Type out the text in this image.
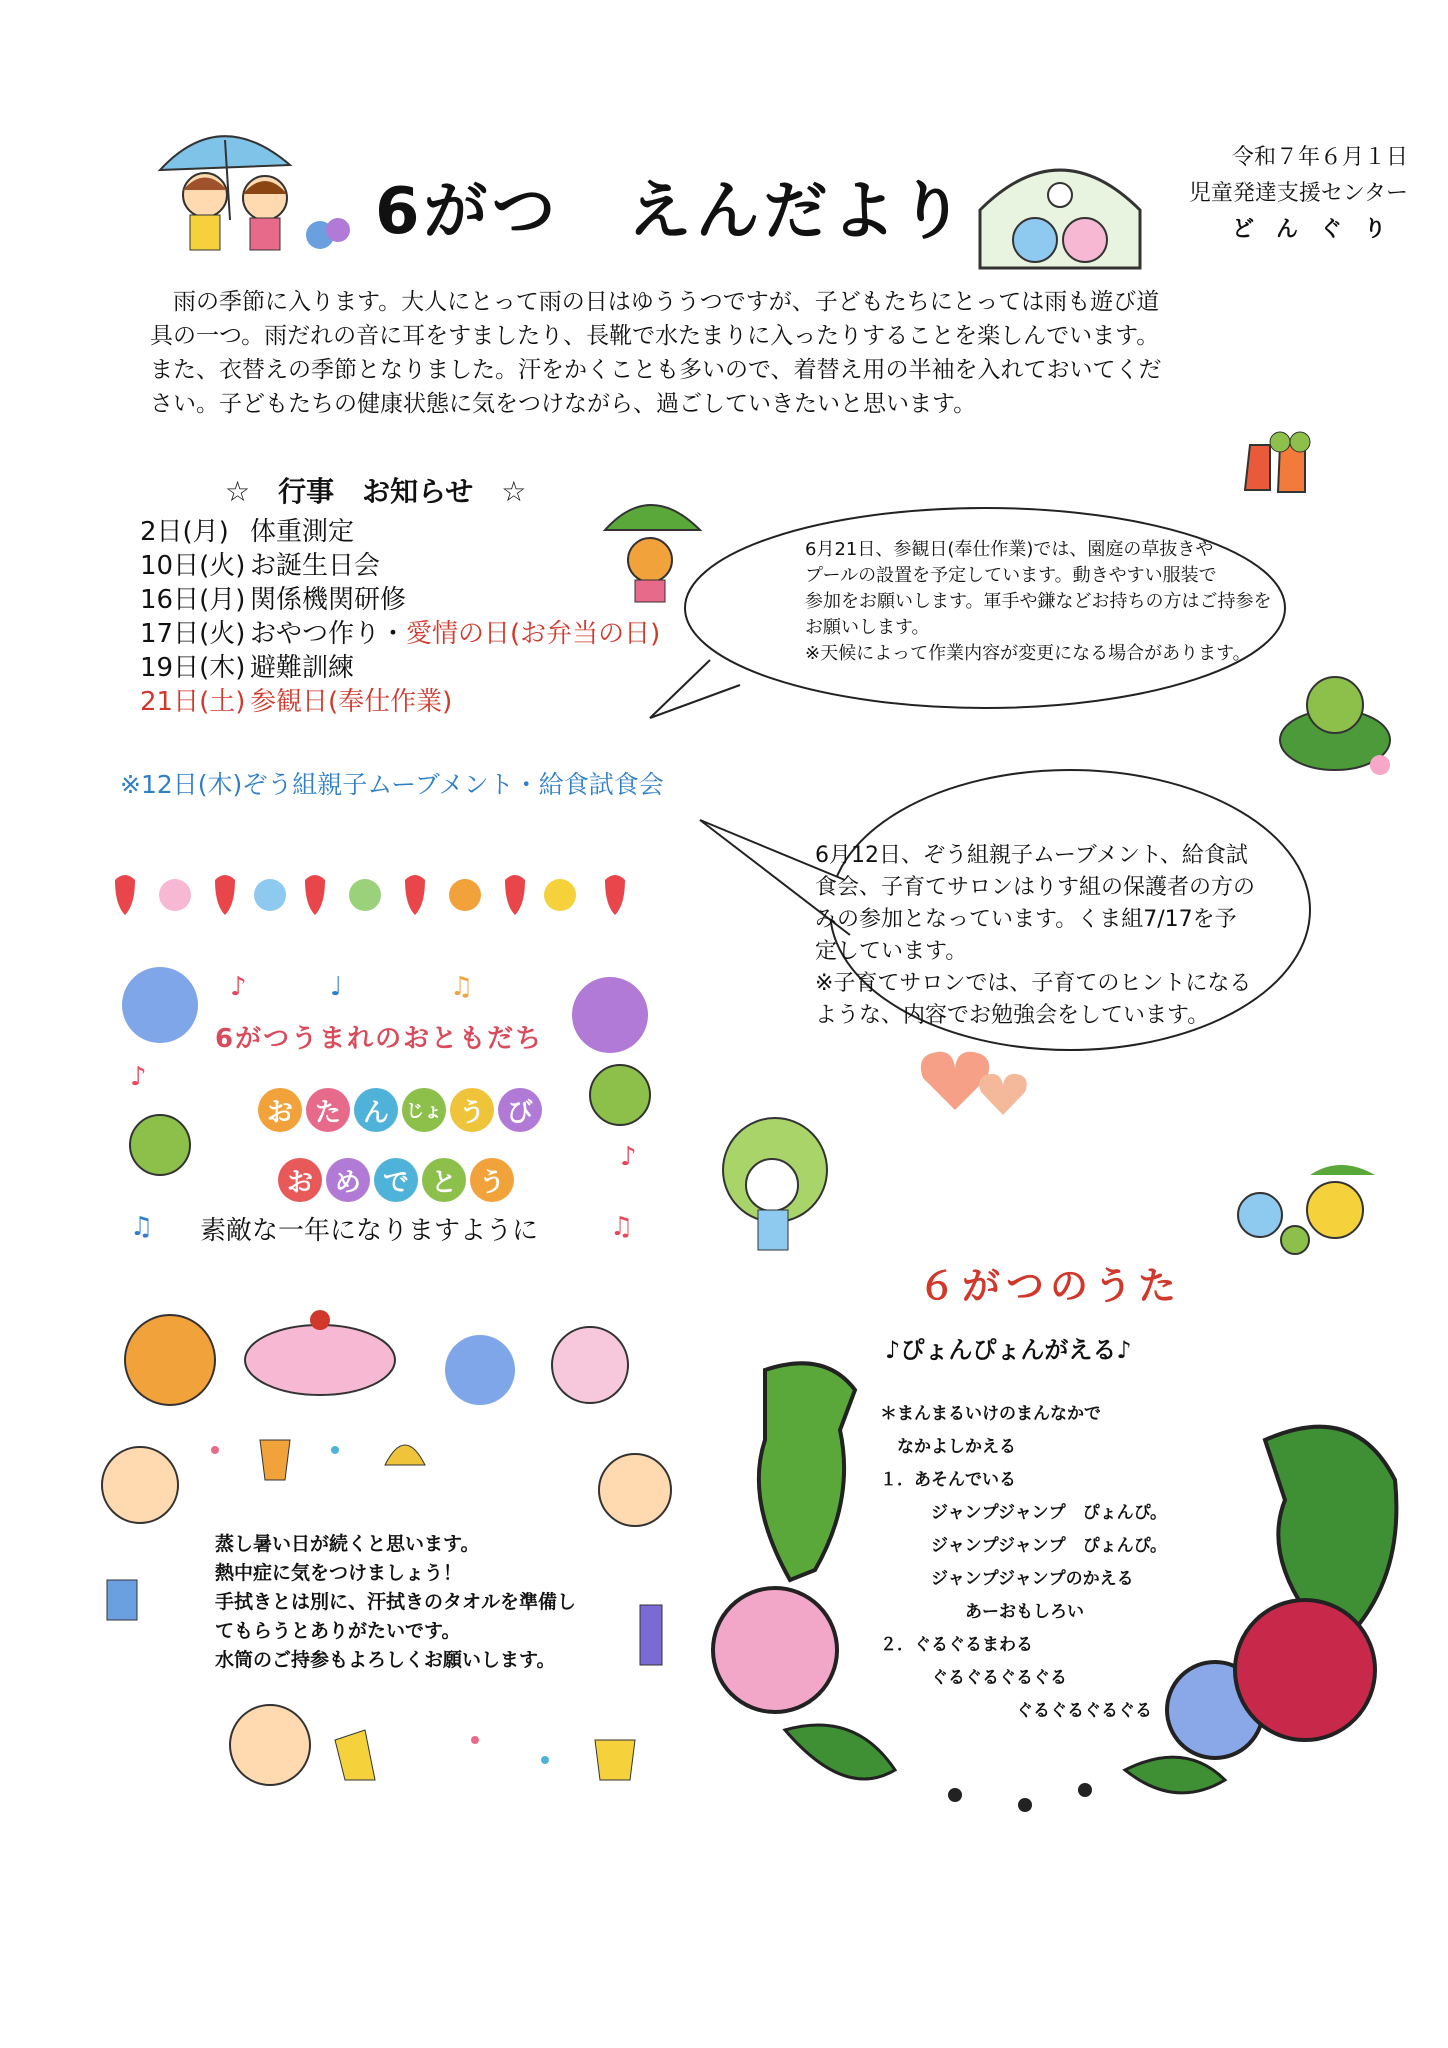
6がつ　えんだより
令和７年６月１日
児童発達支援センター
どんぐり

　雨の季節に入ります。大人にとって雨の日はゆううつですが、子どもたちにとっては雨も遊び道

具の一つ。雨だれの音に耳をすましたり、長靴で水たまりに入ったりすることを楽しんでいます。

また、衣替えの季節となりました。汗をかくことも多いので、着替え用の半袖を入れておいてくだ

さい。子どもたちの健康状態に気をつけながら、過ごしていきたいと思います。

☆　行事　お知らせ　☆
2日(月) 体重測定
10日(火) お誕生日会
16日(月) 関係機関研修
17日(火) おやつ作り・愛情の日(お弁当の日)
19日(木) 避難訓練
21日(土) 参観日(奉仕作業)
※12日(木)ぞう組親子ムーブメント・給食試食会
6月21日、参観日(奉仕作業)では、園庭の草抜きや
プールの設置を予定しています。動きやすい服装で
参加をお願いします。軍手や鎌などお持ちの方はご持参を
お願いします。
※天候によって作業内容が変更になる場合があります。
6月12日、ぞう組親子ムーブメント、給食試
食会、子育てサロンはりす組の保護者の方の
みの参加となっています。くま組7/17を予
定しています。
※子育てサロンでは、子育てのヒントになる
ような、内容でお勉強会をしています。
♪	♩	♫
♪
♪
♫	♫
6がつうまれのおともだち
お た ん じょ う び
お め で と う
素敵な一年になりますように
蒸し暑い日が続くと思います。
熱中症に気をつけましょう！
手拭きとは別に、汗拭きのタオルを準備し
てもらうとありがたいです。
水筒のご持参もよろしくお願いします。
６がつのうた
♪ぴょんぴょんがえる♪
＊まんまるいけのまんなかで
　なかよしかえる
１．あそんでいる
　　　ジャンプジャンプ　ぴょんぴ。
　　　ジャンプジャンプ　ぴょんぴ。
　　　ジャンプジャンプのかえる
　　　　　あーおもしろい
２．ぐるぐるまわる
　　　ぐるぐるぐるぐる
　　　　　　　　ぐるぐるぐるぐる
